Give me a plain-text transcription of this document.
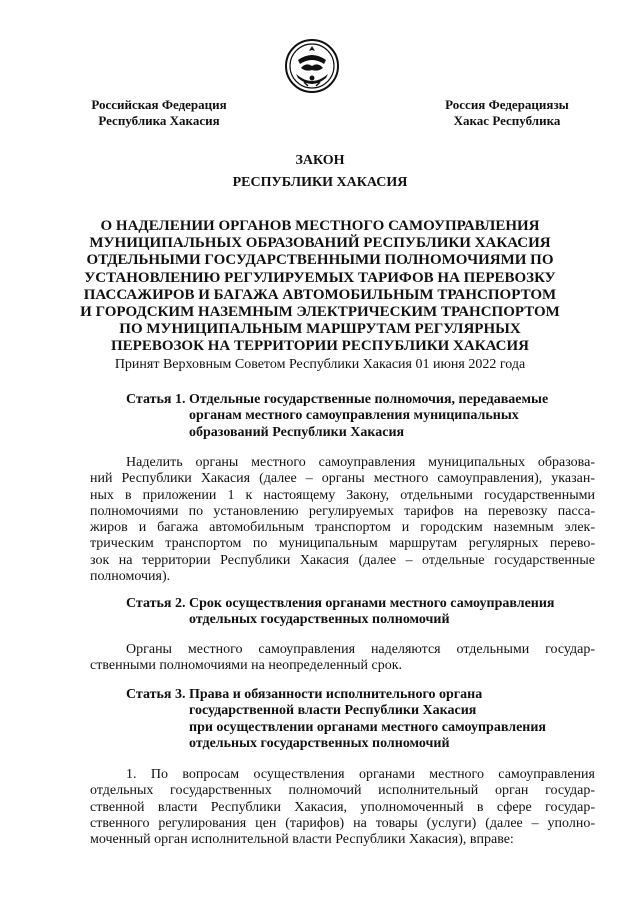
Российская Федерация
Республика Хакасия
Россия Федерациязы
Хакас Республика
ЗАКОН
РЕСПУБЛИКИ ХАКАСИЯ
О НАДЕЛЕНИИ ОРГАНОВ МЕСТНОГО САМОУПРАВЛЕНИЯ
МУНИЦИПАЛЬНЫХ ОБРАЗОВАНИЙ РЕСПУБЛИКИ ХАКАСИЯ
ОТДЕЛЬНЫМИ ГОСУДАРСТВЕННЫМИ ПОЛНОМОЧИЯМИ ПО
УСТАНОВЛЕНИЮ РЕГУЛИРУЕМЫХ ТАРИФОВ НА ПЕРЕВОЗКУ
ПАССАЖИРОВ И БАГАЖА АВТОМОБИЛЬНЫМ ТРАНСПОРТОМ
И ГОРОДСКИМ НАЗЕМНЫМ ЭЛЕКТРИЧЕСКИМ ТРАНСПОРТОМ
ПО МУНИЦИПАЛЬНЫМ МАРШРУТАМ РЕГУЛЯРНЫХ
ПЕРЕВОЗОК НА ТЕРРИТОРИИ РЕСПУБЛИКИ ХАКАСИЯ
Принят Верховным Советом Республики Хакасия 01 июня 2022 года
Статья 1. Отдельные государственные полномочия, передаваемые
органам местного самоуправления муниципальных
образований Республики Хакасия
Наделить органы местного самоуправления муниципальных образова-
ний Республики Хакасия (далее – органы местного самоуправления), указан-
ных в приложении 1 к настоящему Закону, отдельными государственными
полномочиями по установлению регулируемых тарифов на перевозку пасса-
жиров и багажа автомобильным транспортом и городским наземным элек-
трическим транспортом по муниципальным маршрутам регулярных перево-
зок на территории Республики Хакасия (далее – отдельные государственные
полномочия).
Статья 2. Срок осуществления органами местного самоуправления
отдельных государственных полномочий
Органы местного самоуправления наделяются отдельными государ-
ственными полномочиями на неопределенный срок.
Статья 3. Права и обязанности исполнительного органа
государственной власти Республики Хакасия
при осуществлении органами местного самоуправления
отдельных государственных полномочий
1. По вопросам осуществления органами местного самоуправления
отдельных государственных полномочий исполнительный орган государ-
ственной власти Республики Хакасия, уполномоченный в сфере государ-
ственного регулирования цен (тарифов) на товары (услуги) (далее – уполно-
моченный орган исполнительной власти Республики Хакасия), вправе:
